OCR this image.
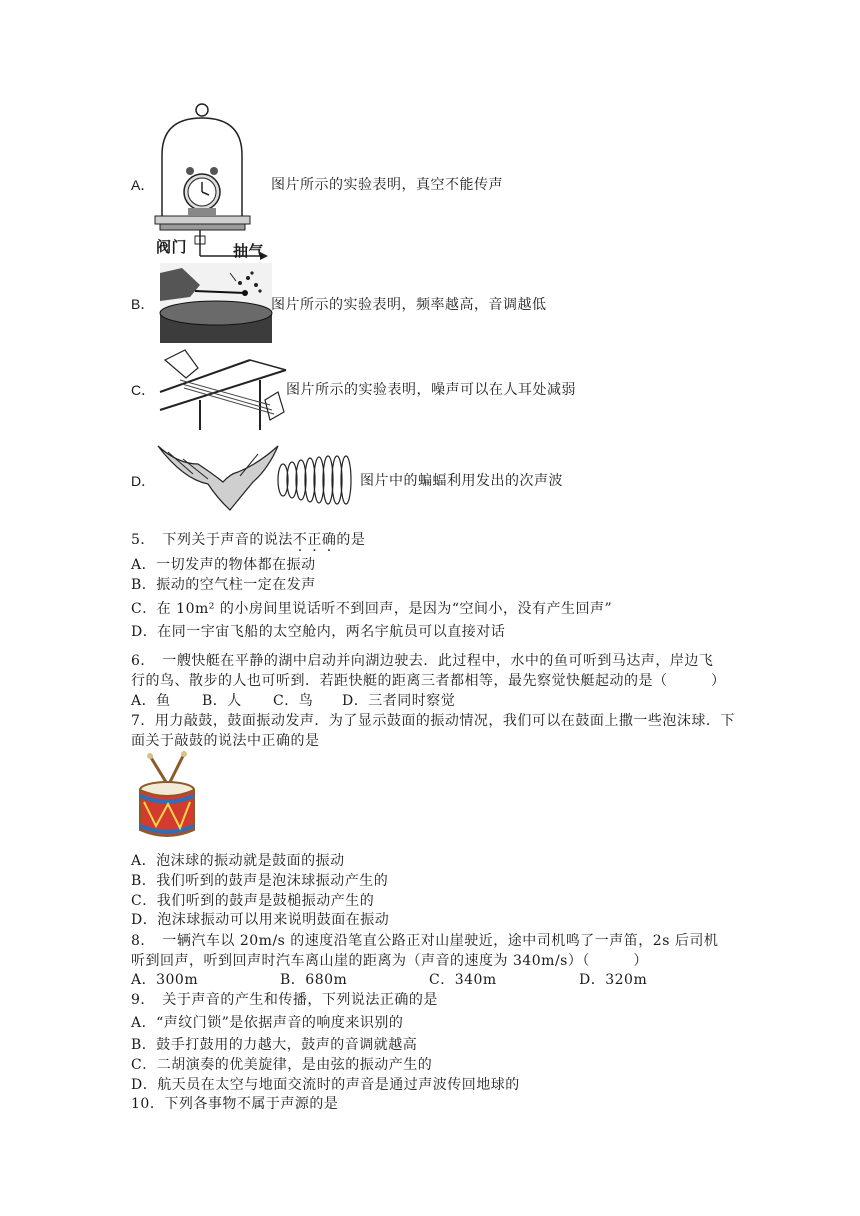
A．
阀门	抽气
图片所示的实验表明，真空不能传声
B．	图片所示的实验表明，频率越高，音调越低
C．	图片所示的实验表明，噪声可以在人耳处减弱
D．	图片中的蝙蝠利用发出的次声波
5．　下列关于声音的说法不正确的是
A．一切发声的物体都在振动
B．振动的空气柱一定在发声
C．在 10m² 的小房间里说话听不到回声，是因为“空间小，没有产生回声”
D．在同一宇宙飞船的太空舱内，两名宇航员可以直接对话
6．　一艘快艇在平静的湖中启动并向湖边驶去．此过程中，水中的鱼可听到马达声，岸边飞
行的鸟、散步的人也可听到．若距快艇的距离三者都相等，最先察觉快艇起动的是（　　　）
A．鱼 B．人 C．鸟 D．三者同时察觉
7．用力敲鼓，鼓面振动发声．为了显示鼓面的振动情况，我们可以在鼓面上撒一些泡沫球．下
面关于敲鼓的说法中正确的是
A．泡沫球的振动就是鼓面的振动
B．我们听到的鼓声是泡沫球振动产生的
C．我们听到的鼓声是鼓槌振动产生的
D．泡沫球振动可以用来说明鼓面在振动
8．　一辆汽车以 20m/s 的速度沿笔直公路正对山崖驶近，途中司机鸣了一声笛，2s 后司机
听到回声，听到回声时汽车离山崖的距离为（声音的速度为 340m/s）（　　　）
A．300m	B．680m	C．340m	D．320m
9．　关于声音的产生和传播，下列说法正确的是
A．“声纹门锁”是依据声音的响度来识别的
B．鼓手打鼓用的力越大，鼓声的音调就越高
C．二胡演奏的优美旋律，是由弦的振动产生的
D．航天员在太空与地面交流时的声音是通过声波传回地球的
10．下列各事物不属于声源的是
